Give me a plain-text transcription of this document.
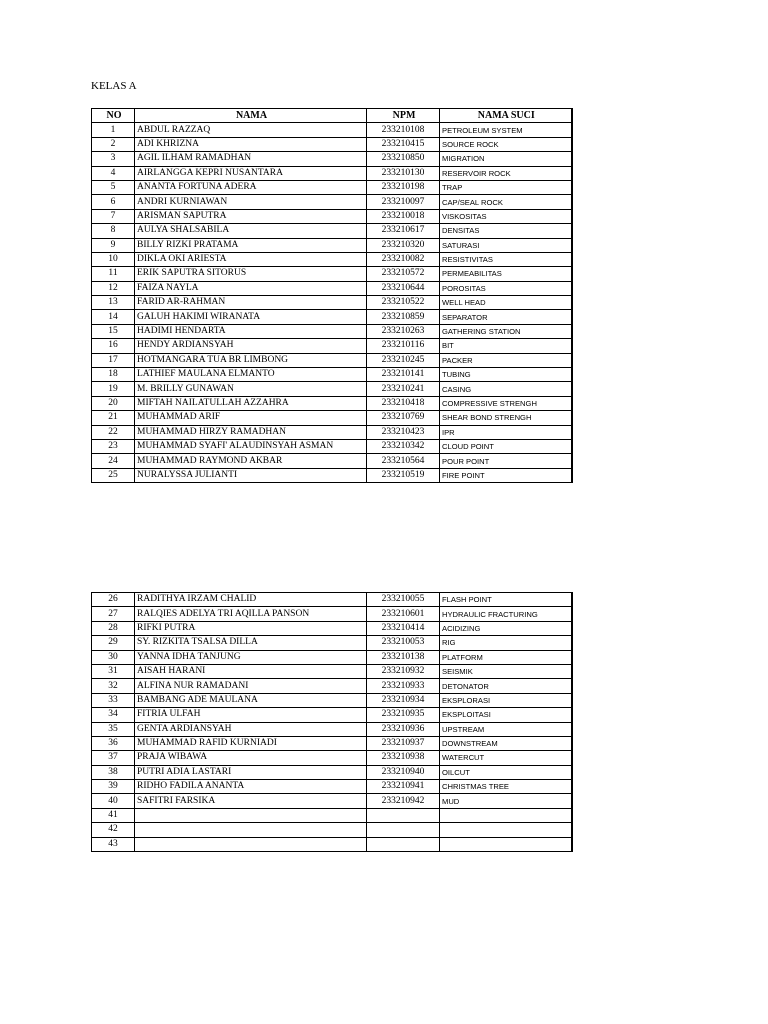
KELAS A
NO	NAMA	NPM	NAMA SUCI
1	ABDUL RAZZAQ	233210108	PETROLEUM SYSTEM
2	ADI KHRIZNA	233210415	SOURCE ROCK
3	AGIL ILHAM RAMADHAN	233210850	MIGRATION
4	AIRLANGGA KEPRI NUSANTARA	233210130	RESERVOIR ROCK
5	ANANTA FORTUNA ADERA	233210198	TRAP
6	ANDRI KURNIAWAN	233210097	CAP/SEAL ROCK
7	ARISMAN SAPUTRA	233210018	VISKOSITAS
8	AULYA SHALSABILA	233210617	DENSITAS
9	BILLY RIZKI PRATAMA	233210320	SATURASI
10	DIKLA OKI ARIESTA	233210082	RESISTIVITAS
11	ERIK SAPUTRA SITORUS	233210572	PERMEABILITAS
12	FAIZA NAYLA	233210644	POROSITAS
13	FARID AR-RAHMAN	233210522	WELL HEAD
14	GALUH HAKIMI WIRANATA	233210859	SEPARATOR
15	HADIMI HENDARTA	233210263	GATHERING STATION
16	HENDY ARDIANSYAH	233210116	BIT
17	HOTMANGARA TUA BR LIMBONG	233210245	PACKER
18	LATHIEF MAULANA ELMANTO	233210141	TUBING
19	M. BRILLY GUNAWAN	233210241	CASING
20	MIFTAH NAILATULLAH AZZAHRA	233210418	COMPRESSIVE STRENGH
21	MUHAMMAD ARIF	233210769	SHEAR BOND STRENGH
22	MUHAMMAD HIRZY RAMADHAN	233210423	IPR
23	MUHAMMAD SYAFI' ALAUDINSYAH ASMAN	233210342	CLOUD POINT
24	MUHAMMAD RAYMOND AKBAR	233210564	POUR POINT
25	NURALYSSA JULIANTI	233210519	FIRE POINT
26	RADITHYA IRZAM CHALID	233210055	FLASH POINT
27	RALQIES ADELYA TRI AQILLA PANSON	233210601	HYDRAULIC FRACTURING
28	RIFKI PUTRA	233210414	ACIDIZING
29	SY. RIZKITA TSALSA DILLA	233210053	RIG
30	YANNA IDHA TANJUNG	233210138	PLATFORM
31	AISAH HARANI	233210932	SEISMIK
32	ALFINA NUR RAMADANI	233210933	DETONATOR
33	BAMBANG ADE MAULANA	233210934	EKSPLORASI
34	FITRIA ULFAH	233210935	EKSPLOITASI
35	GENTA ARDIANSYAH	233210936	UPSTREAM
36	MUHAMMAD RAFID KURNIADI	233210937	DOWNSTREAM
37	PRAJA WIBAWA	233210938	WATERCUT
38	PUTRI ADIA LASTARI	233210940	OILCUT
39	RIDHO FADILA ANANTA	233210941	CHRISTMAS TREE
40	SAFITRI FARSIKA	233210942	MUD
41			
42			
43			
